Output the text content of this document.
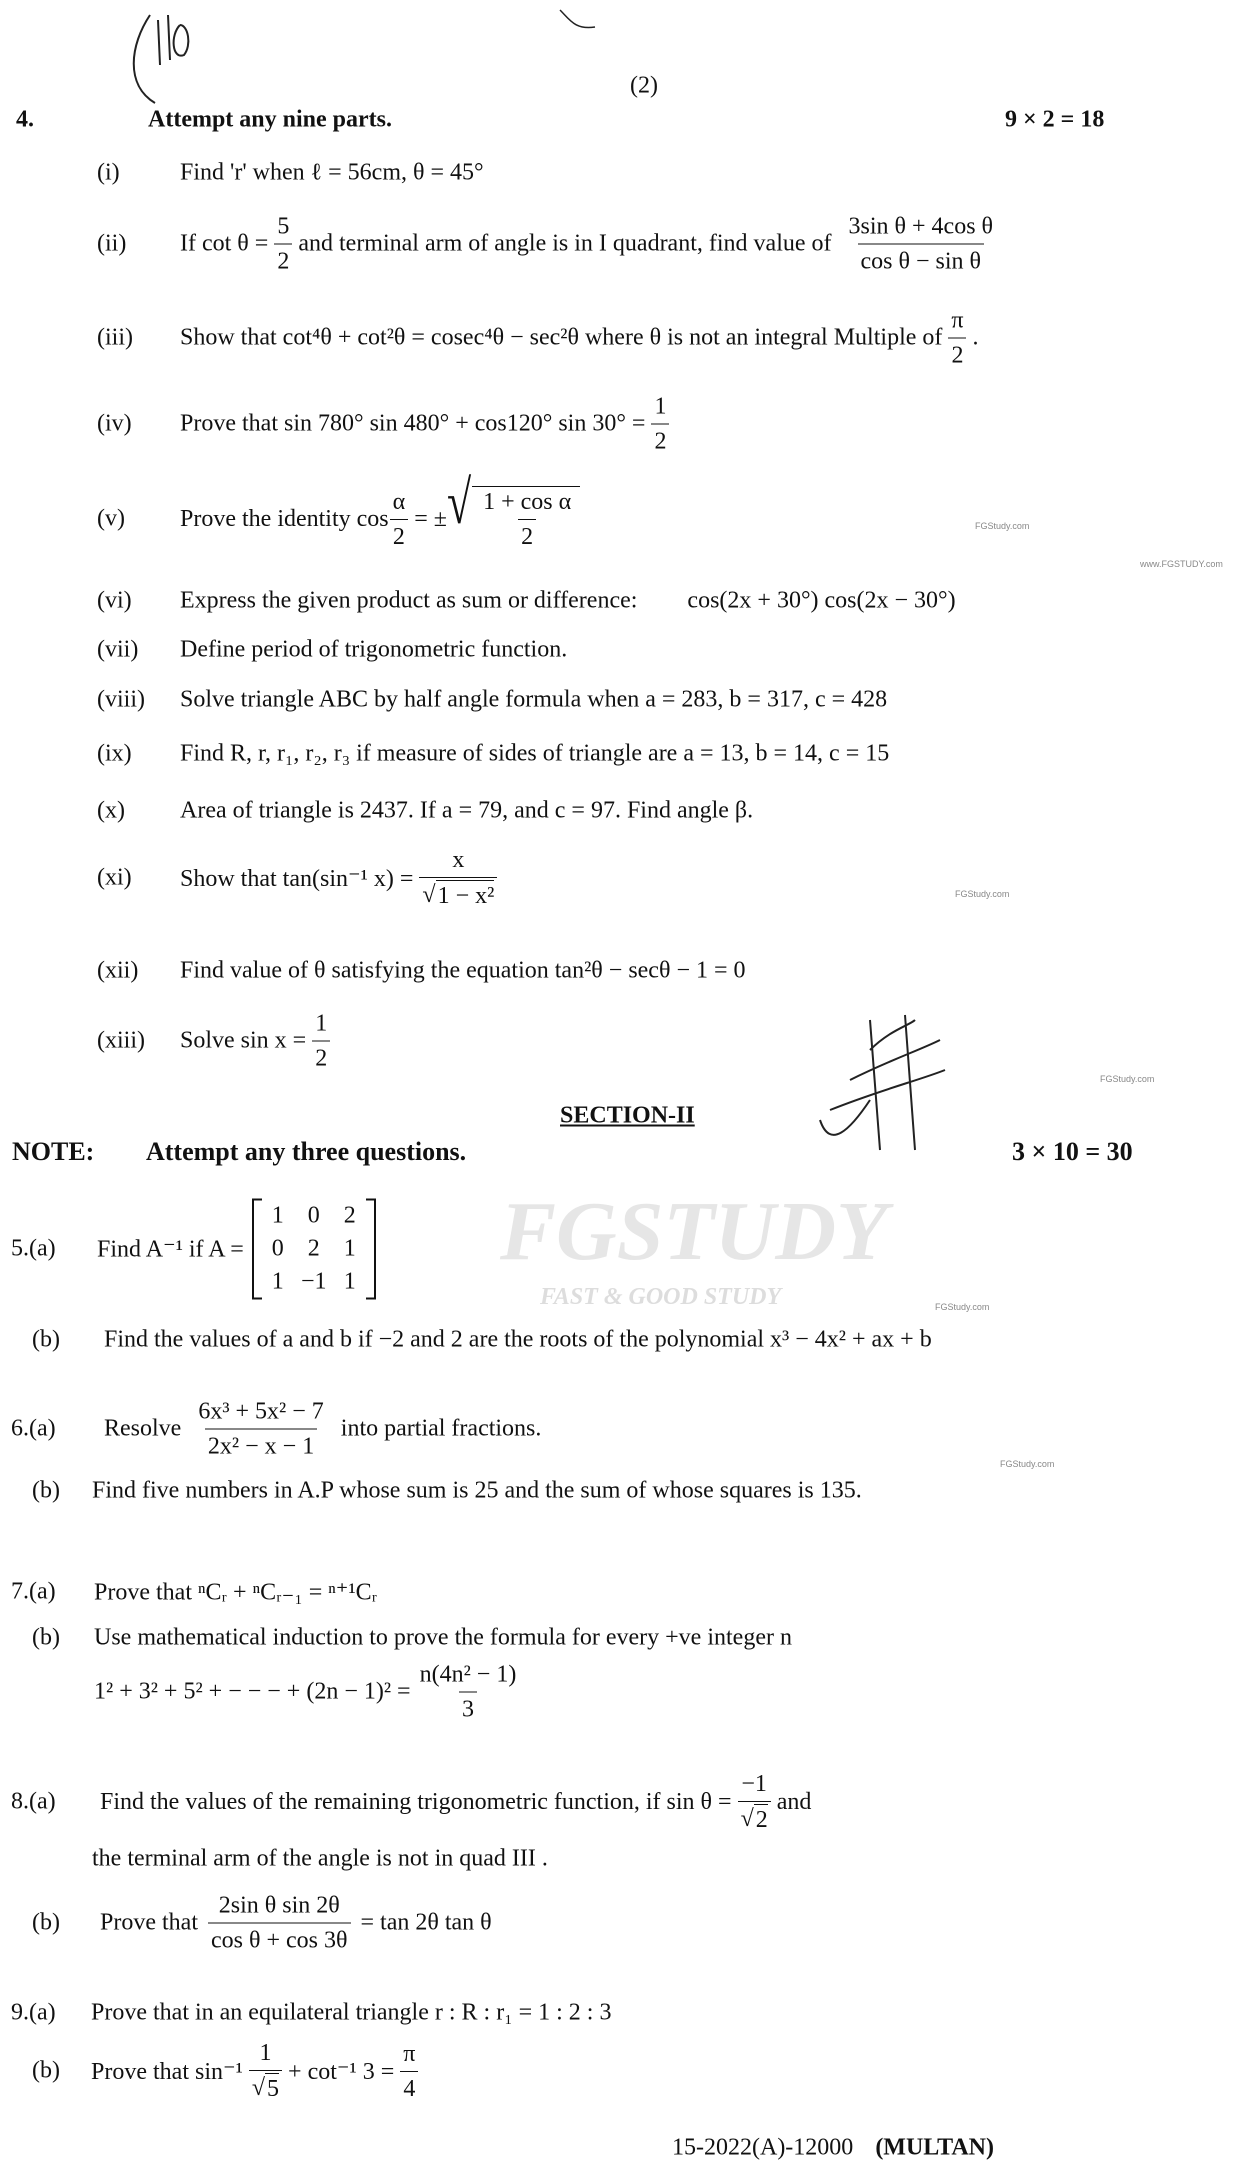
FGSTUDY
FAST & GOOD STUDY
FGStudy.com
www.FGSTUDY.com
FGStudy.com
FGStudy.com
FGStudy.com
FGStudy.com
(2)
4.	Attempt any nine parts.	9 × 2 = 18
(i)	Find 'r' when ℓ = 56cm, θ = 45°
(ii) If $\cot \theta = \frac{5}{2}$ and terminal arm of angle is in I quadrant, find value of $\frac{\text{3sin θ + 4cos θ}}{\text{cos θ − sin θ}}$
(iii) Show that cot⁴θ + cot²θ = cosec⁴θ − sec²θ where θ is not an integral Multiple of $\frac{\pi}{2}$ .
(iv) Prove that sin 780° sin 480° + cos120° $\sin 30^\circ = \frac{1}{2}$
(v) Prove the identity $\cos \frac{\alpha}{2}$ = ± √ $\frac{\text{1 + cos α}}{2}$
(vi) Express the given product as sum or difference: cos(2x + 30°) cos(2x − 30°)
(vii) Define period of trigonometric function.
(viii) Solve triangle ABC by half angle formula when a = 283, b = 317, c = 428
(ix) Find R, r, r₁, r₂, r₃ if measure of sides of triangle are a = 13, b = 14, c = 15
(x) Area of triangle is 2437. If a = 79, and c = 97. Find angle β.
(xi) Show that tan(sin⁻¹ $x) = \frac{x}{\text{√ 1 − x²}}$
(xii) Find value of θ satisfying the equation tan²θ − secθ − 1 = 0
(xiii) Solve $\sin x = \frac{1}{2}$
SECTION-II
NOTE: Attempt any three questions.	3 × 10 = 30
5.(a) Find A⁻¹ if A =
1	0	2
0	2	1
1 −1 1
(b) Find the values of a and b if −2 and 2 are the roots of the polynomial x³ − 4x² + ax + b
6.(a) Resolve $\frac{\text{6x³ + 5x² − 7}}{\text{2x² − x − 1}}$ into partial fractions.
(b) Find five numbers in A.P whose sum is 25 and the sum of whose squares is 135.
7.(a) Prove that ⁿCᵣ + ⁿCᵣ₋₁ = ⁿ⁺¹Cᵣ
(b) Use mathematical induction to prove the formula for every +ve integer n
1² + 3² + 5² + − − − + $(2n - 1)^2 = \frac{\text{n(4n² − 1)}}{3}$
8.(a) Find the values of the remaining trigonometric function, if $\sin \theta = \frac{-1}{√ 2}$ and
the terminal arm of the angle is not in quad III .
(b) Prove that $\frac{\text{2sin θ sin 2θ}}{\text{cos θ + cos 3θ}} = \tan 2\theta$ tan θ
9.(a) Prove that in an equilateral triangle r : R : r₁ = 1 : 2 : 3
(b) Prove that $\sin^{-1} \frac{1}{√ 5} + \cot^{-1}$ $3 = \frac{\pi}{4}$
15-2022(A)-12000 (MULTAN)
